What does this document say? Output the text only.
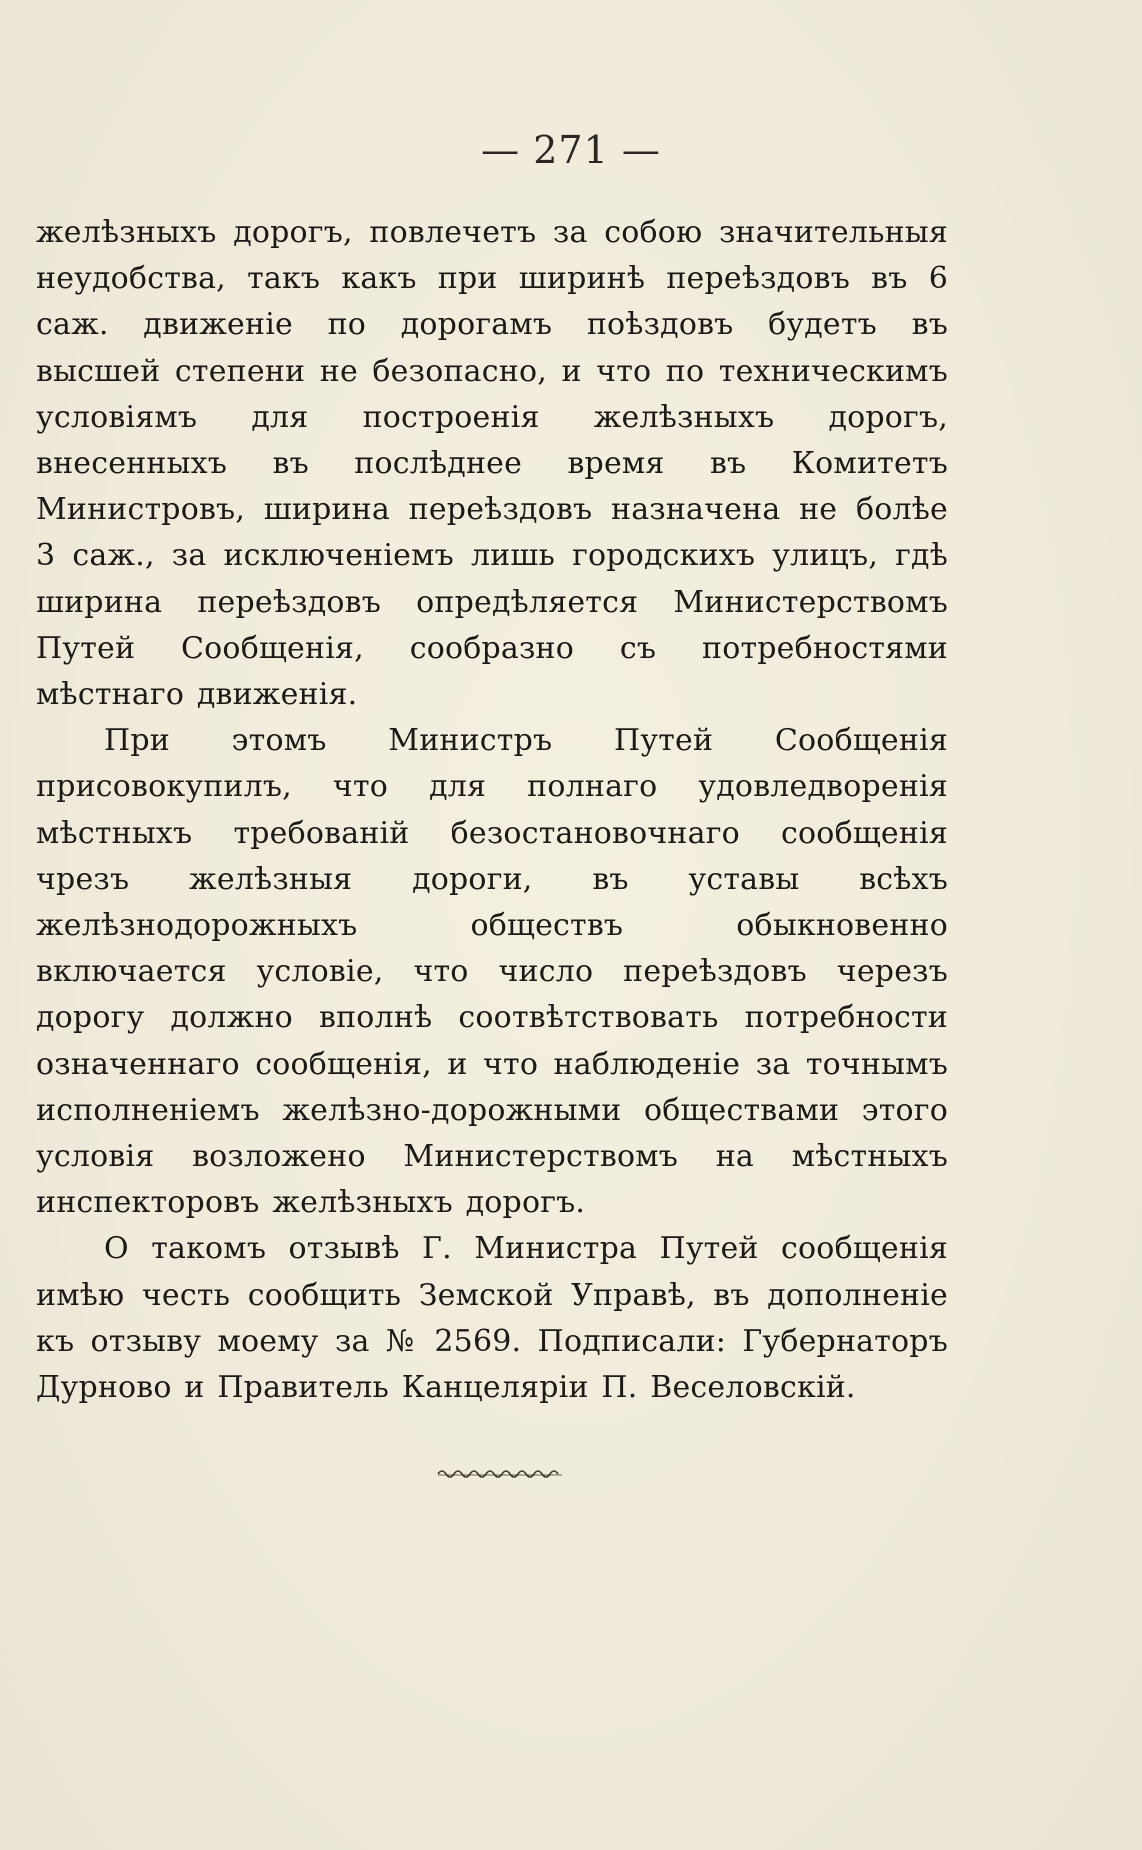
— 271 —

желѣзныхъ дорогъ, повлечетъ за собою значительныя неудобства, такъ какъ при ширинѣ переѣздовъ въ 6 саж. движеніе по дорогамъ поѣздовъ будетъ въ высшей степени не безопасно, и что по техническимъ условіямъ для построенія желѣзныхъ дорогъ, внесенныхъ въ послѣднее время въ Комитетъ Министровъ, ширина переѣздовъ назначена не болѣе 3 саж., за исключеніемъ лишь городскихъ улицъ, гдѣ ширина переѣздовъ опредѣляется Министерствомъ Путей Сообщенія, сообразно съ потребностями мѣстнаго движенія.

При этомъ Министръ Путей Сообщенія присовокупилъ, что для полнаго удовледворенія мѣстныхъ требованій безостановочнаго сообщенія чрезъ желѣзныя дороги, въ уставы всѣхъ желѣзнодорожныхъ обществъ обыкновенно включается условіе, что число переѣздовъ черезъ дорогу должно вполнѣ соотвѣтствовать потребности означеннаго сообщенія, и что наблюденіе за точнымъ исполненіемъ желѣзно-дорожными обществами этого условія возложено Министерствомъ на мѣстныхъ инспекторовъ желѣзныхъ дорогъ.

О такомъ отзывѣ Г. Министра Путей сообщенія имѣю честь сообщить Земской Управѣ, въ дополненіе къ отзыву моему за № 2569. Подписали: Губернаторъ Дурново и Правитель Канцеляріи П. Веселовскій.
